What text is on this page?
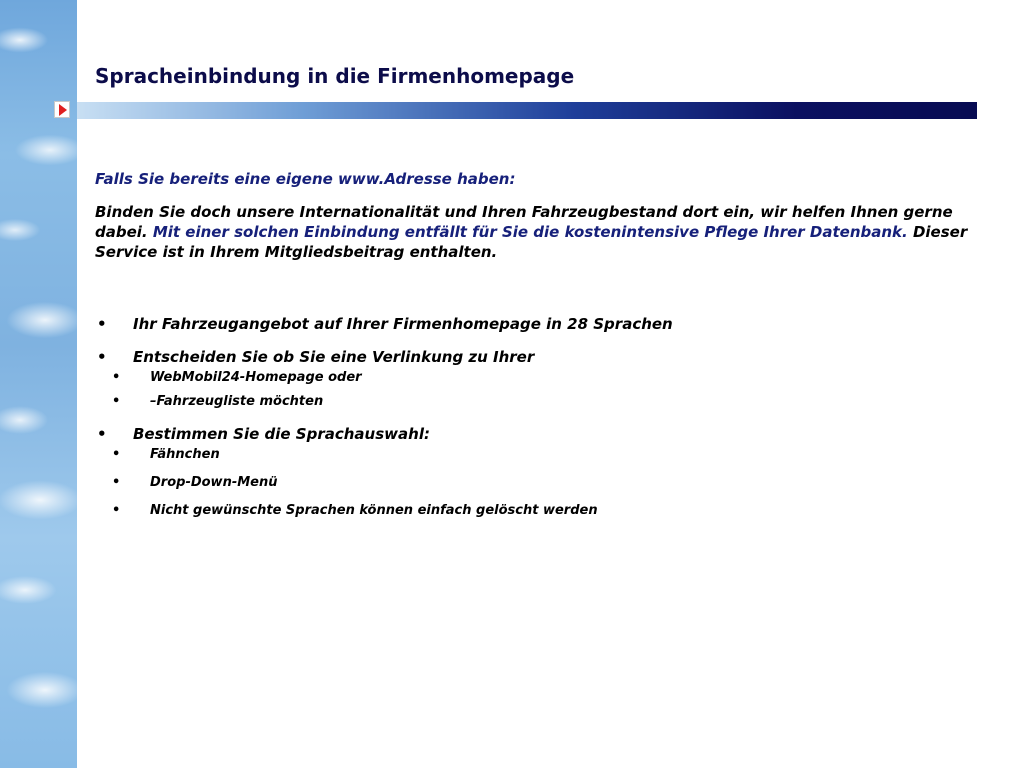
Spracheinbindung in die Firmenhomepage

Falls Sie bereits eine eigene www.Adresse haben:

Binden Sie doch unsere Internationalität und Ihren Fahrzeugbestand dort ein, wir helfen Ihnen gerne dabei. Mit einer solchen Einbindung entfällt für Sie die kostenintensive Pflege Ihrer Datenbank. Dieser Service ist in Ihrem Mitgliedsbeitrag enthalten.

• Ihr Fahrzeugangebot auf Ihrer Firmenhomepage in 28 Sprachen
• Entscheiden Sie ob Sie eine Verlinkung zu Ihrer
• WebMobil24-Homepage oder
• –Fahrzeugliste möchten
• Bestimmen Sie die Sprachauswahl:
• Fähnchen
• Drop-Down-Menü
• Nicht gewünschte Sprachen können einfach gelöscht werden
